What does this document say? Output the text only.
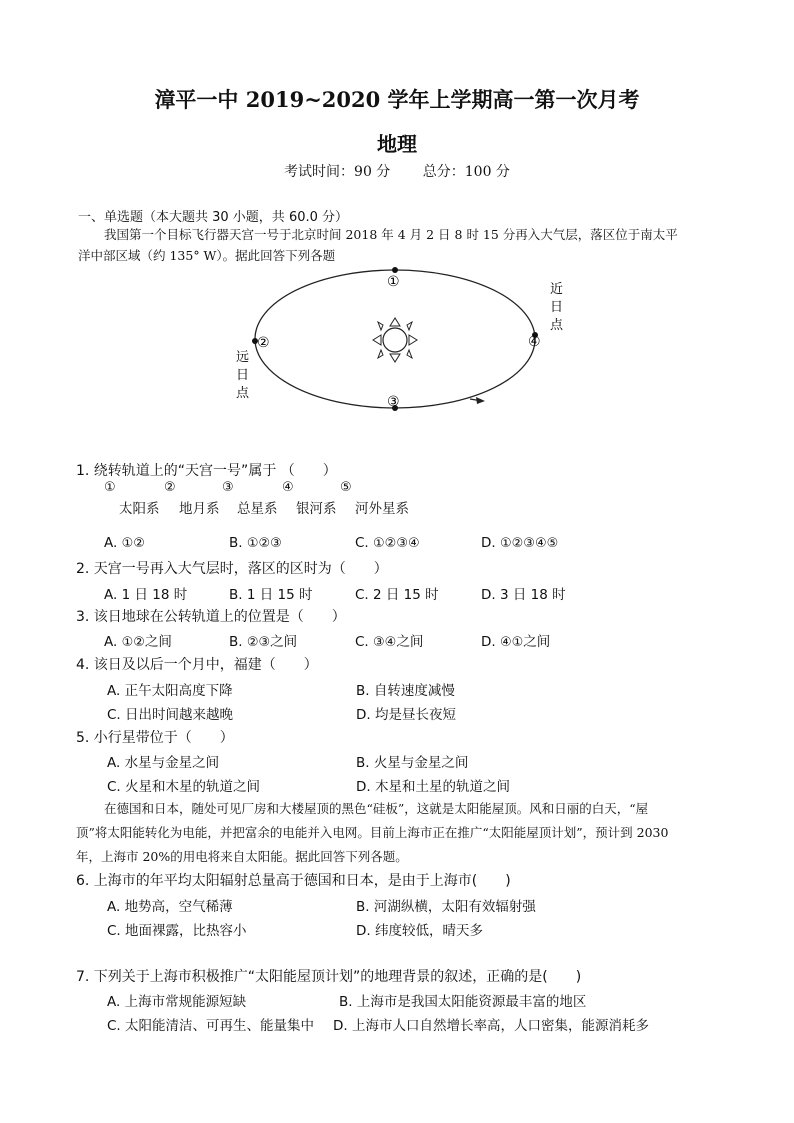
漳平一中 2019~2020 学年上学期高一第一次月考
地理
考试时间：90 分 总分：100 分
一、单选题（本大题共 30 小题，共 60.0 分）
我国第一个目标飞行器天宫一号于北京时间 2018 年 4 月 2 日 8 时 15 分再入大气层，落区位于南太平
洋中部区域（约 135° W）。据此回答下列各题
①
②
③
④
近
日
点
远
日
点
1. 绕转轨道上的“天宫一号”属于 （　　）
①	②	③	④	⑤
太阳系 地月系 总星系 银河系 河外星系
A. ①②	B. ①②③	C. ①②③④	D. ①②③④⑤
2. 天宫一号再入大气层时，落区的区时为（　　）
A. 1 日 18 时	B. 1 日 15 时	C. 2 日 15 时	D. 3 日 18 时
3. 该日地球在公转轨道上的位置是（　　）
A. ①②之间	B. ②③之间	C. ③④之间	D. ④①之间
4. 该日及以后一个月中，福建（　　）
A. 正午太阳高度下降	B. 自转速度减慢
C. 日出时间越来越晚	D. 均是昼长夜短
5. 小行星带位于（　　）
A. 水星与金星之间	B. 火星与金星之间
C. 火星和木星的轨道之间	D. 木星和土星的轨道之间
在德国和日本，随处可见厂房和大楼屋顶的黑色“硅板”，这就是太阳能屋顶。风和日丽的白天，“屋
顶”将太阳能转化为电能，并把富余的电能并入电网。目前上海市正在推广“太阳能屋顶计划”，预计到 2030
年，上海市 20%的用电将来自太阳能。据此回答下列各题。
6. 上海市的年平均太阳辐射总量高于德国和日本，是由于上海市(　　)
A. 地势高，空气稀薄	B. 河湖纵横，太阳有效辐射强
C. 地面裸露，比热容小	D. 纬度较低，晴天多
7. 下列关于上海市积极推广“太阳能屋顶计划”的地理背景的叙述，正确的是(　　)
A. 上海市常规能源短缺	B. 上海市是我国太阳能资源最丰富的地区
C. 太阳能清洁、可再生、能量集中 D. 上海市人口自然增长率高，人口密集，能源消耗多
